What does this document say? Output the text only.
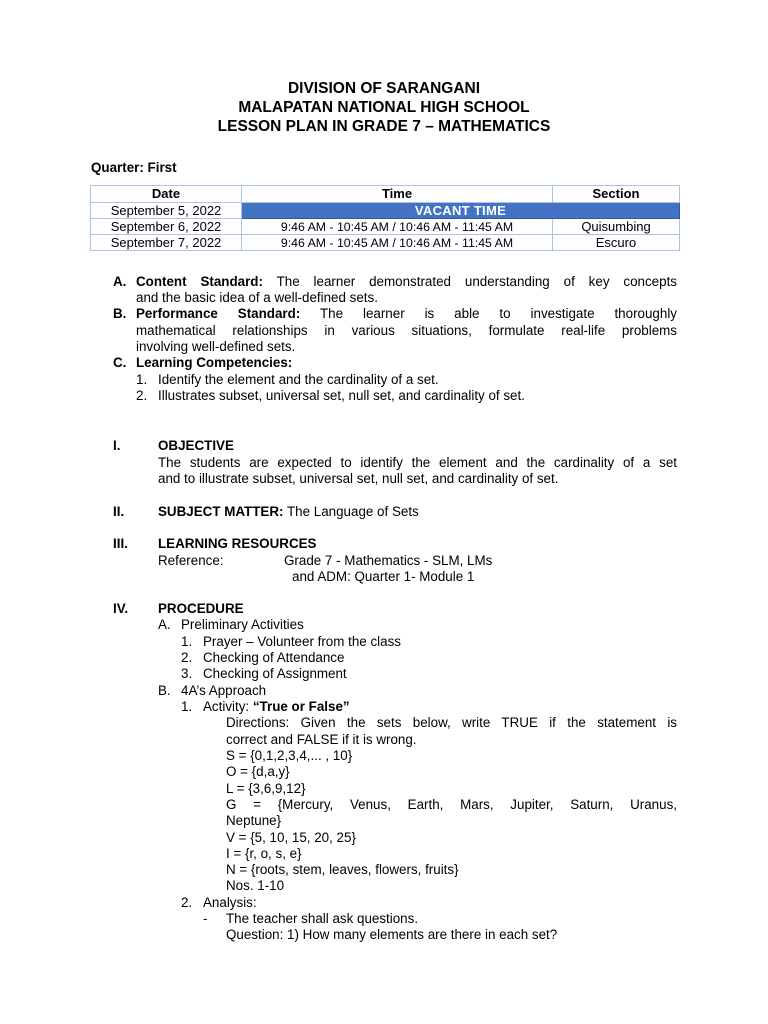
DIVISION OF SARANGANI
MALAPATAN NATIONAL HIGH SCHOOL
LESSON PLAN IN GRADE 7 – MATHEMATICS
Quarter: First
Date	Time	Section
September 5, 2022	VACANT TIME	
September 6, 2022	9:46 AM - 10:45 AM / 10:46 AM - 11:45 AM	Quisumbing
September 7, 2022	9:46 AM - 10:45 AM / 10:46 AM - 11:45 AM	Escuro
A. Content Standard: The learner demonstrated understanding of key concepts
and the basic idea of a well-defined sets.
B. Performance Standard: The learner is able to investigate thoroughly
mathematical relationships in various situations, formulate real-life problems
involving well-defined sets.
C. Learning Competencies:
1. Identify the element and the cardinality of a set.
2. Illustrates subset, universal set, null set, and cardinality of set.
I.	OBJECTIVE
The students are expected to identify the element and the cardinality of a set
and to illustrate subset, universal set, null set, and cardinality of set.
II.	SUBJECT MATTER: The Language of Sets
III. LEARNING RESOURCES
Reference:	Grade 7 - Mathematics - SLM, LMs
and ADM: Quarter 1- Module 1
IV. PROCEDURE
A. Preliminary Activities
1. Prayer – Volunteer from the class
2. Checking of Attendance
3. Checking of Assignment
B. 4A’s Approach
1. Activity: “True or False”
Directions: Given the sets below, write TRUE if the statement is
correct and FALSE if it is wrong.
S = {0,1,2,3,4,... , 10}
O = {d,a,y}
L = {3,6,9,12}
G = {Mercury, Venus, Earth, Mars, Jupiter, Saturn, Uranus,
Neptune}
V = {5, 10, 15, 20, 25}
I = {r, o, s, e}
N = {roots, stem, leaves, flowers, fruits}
Nos. 1-10
2. Analysis:
- The teacher shall ask questions.
Question: 1) How many elements are there in each set?
